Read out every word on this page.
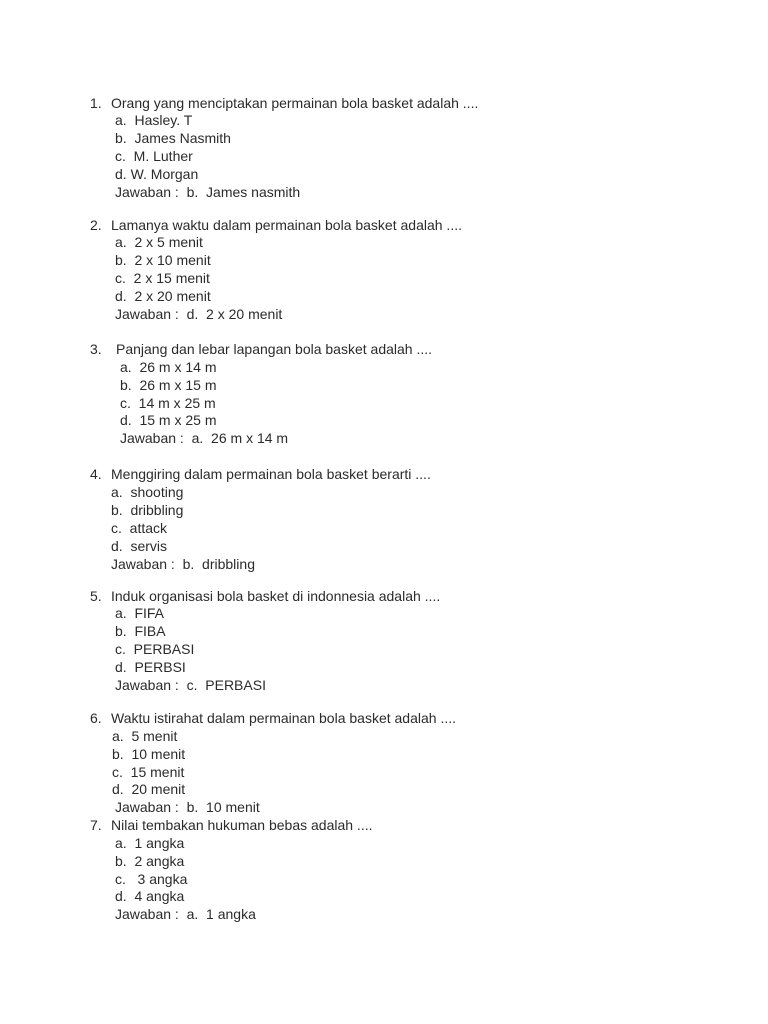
1. Orang yang menciptakan permainan bola basket adalah ....
a.  Hasley. T
b.  James Nasmith
c.  M. Luther
d. W. Morgan
Jawaban :  b.  James nasmith
2. Lamanya waktu dalam permainan bola basket adalah ....
a.  2 x 5 menit
b.  2 x 10 menit
c.  2 x 15 menit
d.  2 x 20 menit
Jawaban :  d.  2 x 20 menit
3. Panjang dan lebar lapangan bola basket adalah ....
a.  26 m x 14 m
b.  26 m x 15 m
c.  14 m x 25 m
d.  15 m x 25 m
Jawaban :  a.  26 m x 14 m
4. Menggiring dalam permainan bola basket berarti ....
a.  shooting
b.  dribbling
c.  attack
d.  servis
Jawaban :  b.  dribbling
5. Induk organisasi bola basket di indonnesia adalah ....
a.  FIFA
b.  FIBA
c.  PERBASI
d.  PERBSI
Jawaban :  c.  PERBASI
6. Waktu istirahat dalam permainan bola basket adalah ....
a.  5 menit
b.  10 menit
c.  15 menit
d.  20 menit
Jawaban :  b.  10 menit
7. Nilai tembakan hukuman bebas adalah ....
a.  1 angka
b.  2 angka
c.   3 angka
d.  4 angka
Jawaban :  a.  1 angka
